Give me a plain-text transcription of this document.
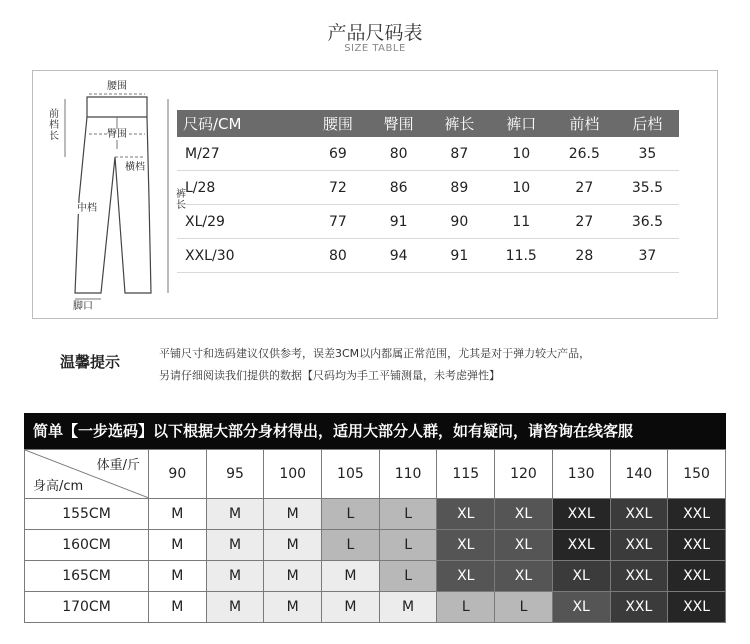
产品尺码表
SIZE TABLE
腰围
臀围
前档长
横档
中档
裤长
脚口
尺码/CM	腰围	臀围	裤长	裤口	前档	后档
M/27	69	80	87	10	26.5	35
L/28	72	86	89	10	27	35.5
XL/29	77	91	90	11	27	36.5
XXL/30	80	94	91	11.5	28	37
温馨提示	平铺尺寸和选码建议仅供参考，误差3CM以内都属正常范围，尤其是对于弹力较大产品，
另请仔细阅读我们提供的数据【尺码均为手工平铺测量，未考虑弹性】
简单【一步选码】以下根据大部分身材得出，适用大部分人群，如有疑问，请咨询在线客服
体重/斤
身高/cm	90	95	100	105	110	115	120	130	140	150
155CM	M	M	M	L	L	XL	XL	XXL	XXL	XXL
160CM	M	M	M	L	L	XL	XL	XXL	XXL	XXL
165CM	M	M	M	M	L	XL	XL	XL	XXL	XXL
170CM	M	M	M	M	M	L	L	XL	XXL	XXL
